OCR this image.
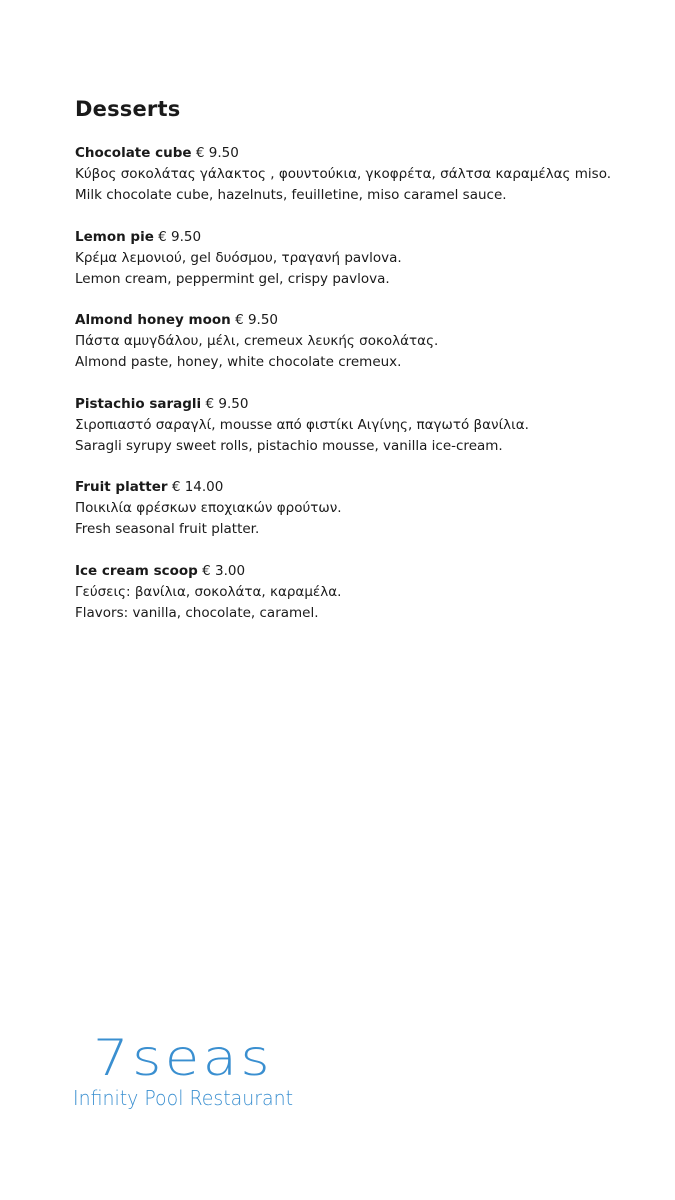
Desserts

Chocolate cube € 9.50

Κύβος σοκολάτας γάλακτος , φουντούκια, γκοφρέτα, σάλτσα καραμέλας miso.

Milk chocolate cube, hazelnuts, feuilletine, miso caramel sauce.

Lemon pie € 9.50

Κρέμα λεμονιού, gel δυόσμου, τραγανή pavlova.

Lemon cream, peppermint gel, crispy pavlova.

Almond honey moon € 9.50

Πάστα αμυγδάλου, μέλι, cremeux λευκής σοκολάτας.

Almond paste, honey, white chocolate cremeux.

Pistachio saragli € 9.50

Σιροπιαστό σαραγλί, mousse από φιστίκι Αιγίνης, παγωτό βανίλια.

Saragli syrupy sweet rolls, pistachio mousse, vanilla ice-cream.

Fruit platter € 14.00

Ποικιλία φρέσκων εποχιακών φρούτων.

Fresh seasonal fruit platter.

Ice cream scoop € 3.00

Γεύσεις: βανίλια, σοκολάτα, καραμέλα.

Flavors: vanilla, chocolate, caramel.

7seas
Infinity Pool Restaurant
